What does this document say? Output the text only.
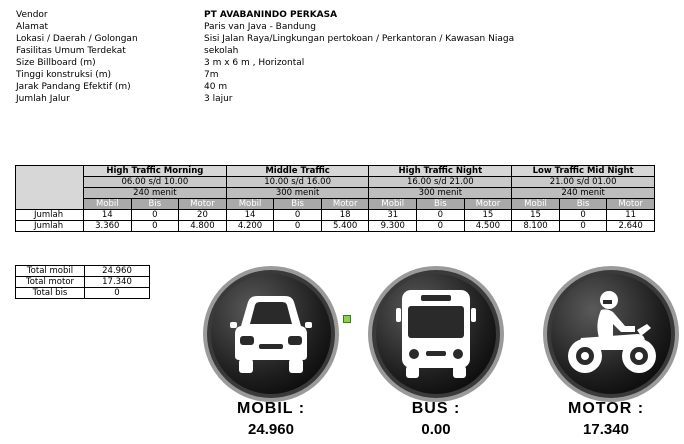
Vendor	PT AVABANINDO PERKASA
Alamat	Paris van Java - Bandung
Lokasi / Daerah / Golongan	Sisi Jalan Raya/Lingkungan pertokoan / Perkantoran / Kawasan Niaga
Fasilitas Umum Terdekat	sekolah
Size Billboard (m)	3 m x 6 m , Horizontal
Tinggi konstruksi (m)	7m
Jarak Pandang Efektif (m)	40 m
Jumlah Jalur	3 lajur
	High Traffic Morning			Middle Traffic			High Traffic Night			Low Traffic Mid Night		
	06.00 s/d 10.00			10.00 s/d 16.00			16.00 s/d 21.00			21.00 s/d 01.00		
	240 menit			300 menit			300 menit			240 menit		
	Mobil	Bis	Motor	Mobil	Bis	Motor	Mobil	Bis	Motor	Mobil	Bis	Motor
Jumlah	14	0	20	14	0	18	31	0	15	15	0	11
Jumlah	3.360	0	4.800	4.200	0	5.400	9.300	0	4.500	8.100	0	2.640
Total mobil	24.960
Total motor	17.340
Total bis	0
MOBIL :
24.960
BUS :
0.00
MOTOR :
17.340
